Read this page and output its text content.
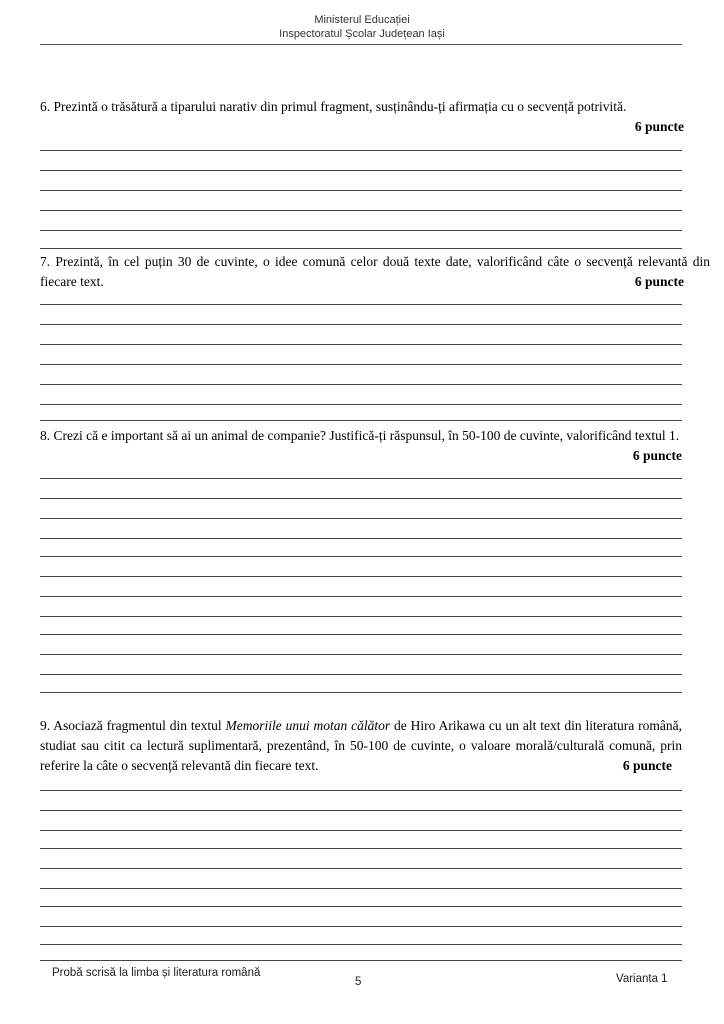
Ministerul Educației
Inspectoratul Școlar Județean Iași
6. Prezintă o trăsătură a tiparului narativ din primul fragment, susținându-ți afirmația cu o secvență potrivită.
6 puncte
7. Prezintă, în cel puțin 30 de cuvinte, o idee comună celor două texte date, valorificând câte o secvență relevantă din fiecare text.	6 puncte
8. Crezi că e important să ai un animal de companie? Justifică-ți răspunsul, în 50-100 de cuvinte, valorificând textul 1.
6 puncte
9. Asociază fragmentul din textul Memoriile unui motan călător de Hiro Arikawa cu un alt text din literatura română, studiat sau citit ca lectură suplimentară, prezentând, în 50-100 de cuvinte, o valoare morală/culturală comună, prin referire la câte o secvență relevantă din fiecare text.	6 puncte
Probă scrisă la limba și literatura română
5	Varianta 1
